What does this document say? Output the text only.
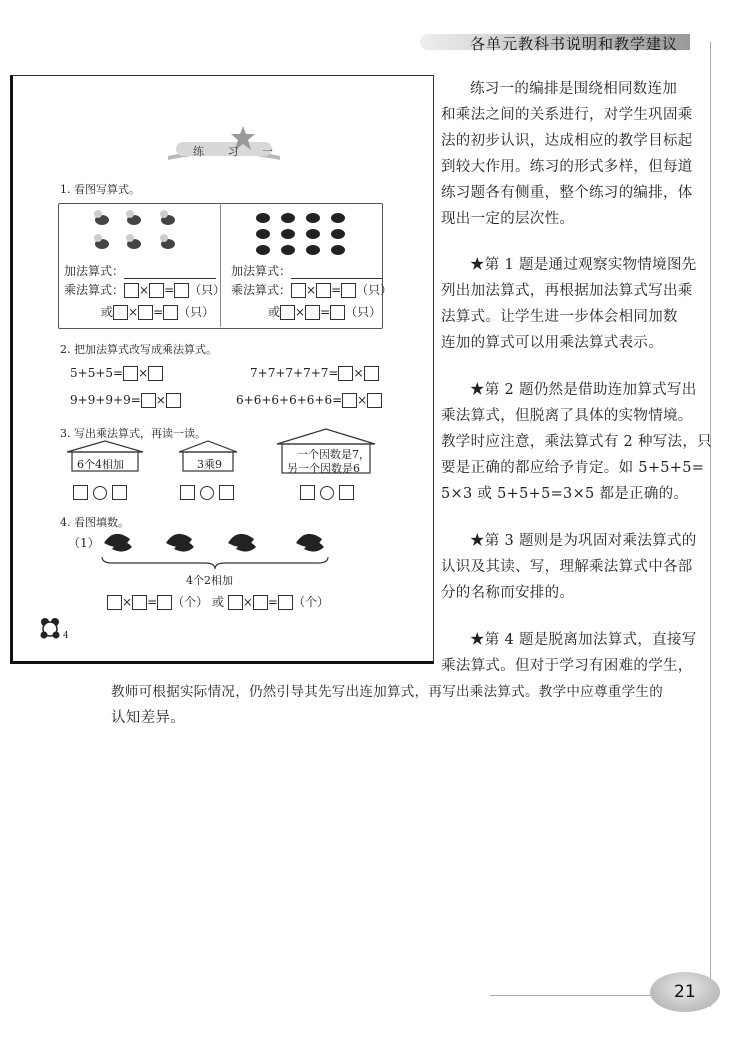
各单元教科书说明和教学建议
练 习 一
1. 看图写算式。
加法算式：
乘法算式： × = （只）
或 × = （只）
加法算式：
乘法算式： × = （只）
或 × = （只）
2. 把加法算式改写成乘法算式。
5+5+5= ×	7+7+7+7+7= ×
9+9+9+9= ×	6+6+6+6+6+6= ×
3. 写出乘法算式，再读一读。
6个4相加	3乘9
一个因数是7，
另一个因数是6

4. 看图填数。
（1）
4个2相加
× = （个） 或 × = （个）
4
练习一的编排是围绕相同数连加
和乘法之间的关系进行，对学生巩固乘
法的初步认识，达成相应的教学目标起
到较大作用。练习的形式多样，但每道
练习题各有侧重，整个练习的编排，体
现出一定的层次性。
★第 1 题是通过观察实物情境图先
列出加法算式，再根据加法算式写出乘
法算式。让学生进一步体会相同加数
连加的算式可以用乘法算式表示。
★第 2 题仍然是借助连加算式写出
乘法算式，但脱离了具体的实物情境。
教学时应注意，乘法算式有 2 种写法，只
要是正确的都应给予肯定。如 5+5+5=
5×3 或 5+5+5=3×5 都是正确的。
★第 3 题则是为巩固对乘法算式的
认识及其读、写，理解乘法算式中各部
分的名称而安排的。
★第 4 题是脱离加法算式，直接写
乘法算式。但对于学习有困难的学生，
教师可根据实际情况，仍然引导其先写出连加算式，再写出乘法算式。教学中应尊重学生的
认知差异。
21
